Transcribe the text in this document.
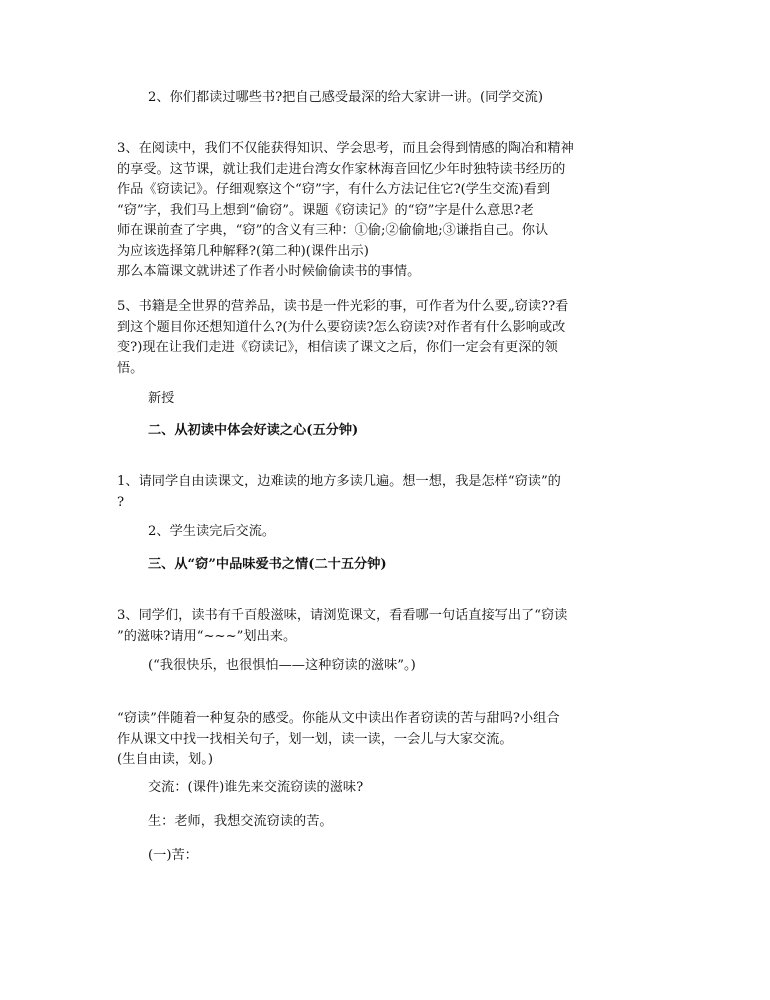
2、你们都读过哪些书?把自己感受最深的给大家讲一讲。(同学交流)

3、在阅读中，我们不仅能获得知识、学会思考，而且会得到情感的陶冶和精神
的享受。这节课，就让我们走进台湾女作家林海音回忆少年时独特读书经历的
作品《窃读记》。仔细观察这个“窃”字，有什么方法记住它?(学生交流)看到
“窃”字，我们马上想到“偷窃”。课题《窃读记》的“窃”字是什么意思?老
师在课前查了字典，“窃”的含义有三种：①偷;②偷偷地;③谦指自己。你认
为应该选择第几种解释?(第二种)(课件出示)
那么本篇课文就讲述了作者小时候偷偷读书的事情。
5、书籍是全世界的营养品，读书是一件光彩的事，可作者为什么要„窃读??看
到这个题目你还想知道什么?(为什么要窃读?怎么窃读?对作者有什么影响或改
变?)现在让我们走进《窃读记》，相信读了课文之后，你们一定会有更深的领
悟。

新授

二、从初读中体会好读之心(五分钟)

1、请同学自由读课文，边难读的地方多读几遍。想一想，我是怎样“窃读”的
?

2、学生读完后交流。

三、从“窃”中品味爱书之情(二十五分钟)

3、同学们，读书有千百般滋味，请浏览课文，看看哪一句话直接写出了“窃读
”的滋味?请用“~~~”划出来。

(“我很快乐，也很惧怕——这种窃读的滋味”。)

“窃读”伴随着一种复杂的感受。你能从文中读出作者窃读的苦与甜吗?小组合
作从课文中找一找相关句子，划一划，读一读，一会儿与大家交流。
(生自由读，划。)

交流：(课件)谁先来交流窃读的滋味?

生：老师，我想交流窃读的苦。

(一)苦：
